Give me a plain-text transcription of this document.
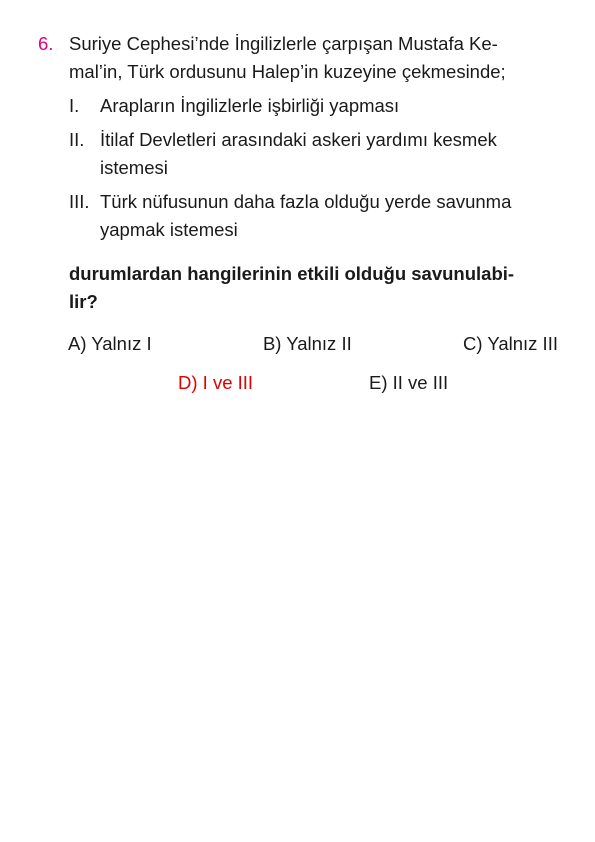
6. Suriye Cephesi’nde İngilizlerle çarpışan Mustafa Ke-
mal’in, Türk ordusunu Halep’in kuzeyine çekmesinde;
I.	Arapların İngilizlerle işbirliği yapması
II. İtilaf Devletleri arasındaki askeri yardımı kesmek istemesi
III. Türk nüfusunun daha fazla olduğu yerde savunma yapmak istemesi
durumlardan hangilerinin etkili olduğu savunulabi-
lir?
A) Yalnız I	B) Yalnız II	C) Yalnız III
D) I ve III	E) II ve III
